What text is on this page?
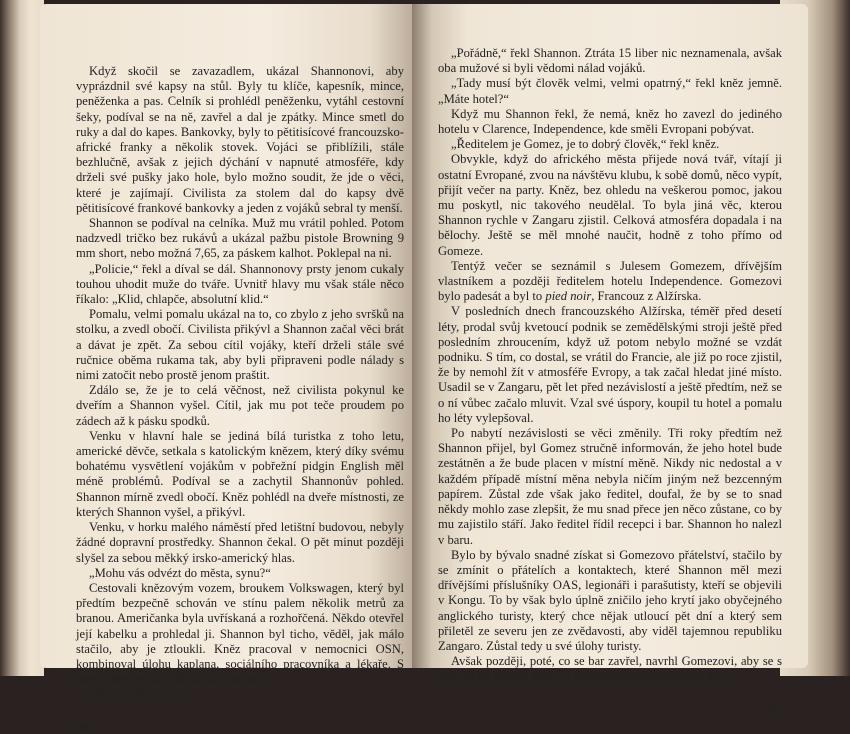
Když skočil se zavazadlem, ukázal Shannonovi, aby vyprázdnil své kapsy na stůl. Byly tu klíče, kapesník, mince, peněženka a pas. Celník si prohlédl peněženku, vytáhl cestovní šeky, podíval se na ně, zavřel a dal je zpátky. Mince smetl do ruky a dal do kapes. Bankovky, byly to pětitisícové francouzsko-africké franky a několik stovek. Vojáci se přiblížili, stále bezhlučně, avšak z jejich dýchání v napnuté atmosféře, kdy drželi své pušky jako hole, bylo možno soudit, že jde o věci, které je zajímají. Civilista za stolem dal do kapsy dvě pětitisícové frankové bankovky a jeden z vojáků sebral ty menší.

Shannon se podíval na celníka. Muž mu vrátil pohled. Potom nadzvedl tričko bez rukávů a ukázal pažbu pistole Browning 9 mm short, nebo možná 7,65, za páskem kalhot. Poklepal na ni.

„Policie,“ řekl a díval se dál. Shannonovy prsty jenom cukaly touhou uhodit muže do tváře. Uvnitř hlavy mu však stále něco říkalo: „Klid, chlapče, absolutní klid.“

Pomalu, velmi pomalu ukázal na to, co zbylo z jeho svršků na stolku, a zvedl obočí. Civilista přikývl a Shannon začal věci brát a dávat je zpět. Za sebou cítil vojáky, kteří drželi stále své ručnice oběma rukama tak, aby byli připraveni podle nálady s nimi zatočit nebo prostě jenom praštit.

Zdálo se, že je to celá věčnost, než civilista pokynul ke dveřím a Shannon vyšel. Cítil, jak mu pot teče proudem po zádech až k pásku spodků.

Venku v hlavní hale se jediná bílá turistka z toho letu, americké děvče, setkala s katolickým knězem, který díky svému bohatému vysvětlení vojákům v pobřežní pidgin English měl méně problémů. Podíval se a zachytil Shannonův pohled. Shannon mírně zvedl obočí. Kněz pohlédl na dveře místnosti, ze kterých Shannon vyšel, a přikývl.

Venku, v horku malého náměstí před letištní budovou, nebyly žádné dopravní prostředky. Shannon čekal. O pět minut později slyšel za sebou měkký irsko-americký hlas.

„Mohu vás odvézt do města, synu?“

Cestovali knězovým vozem, broukem Volkswagen, který byl předtím bezpečně schován ve stínu palem několik metrů za branou. Američanka byla uvřískaná a rozhořčená. Někdo otevřel její kabelku a prohledal ji. Shannon byl ticho, věděl, jak málo stačilo, aby je ztloukli. Kněz pracoval v nemocnici OSN, kombinoval úlohu kaplana, sociálního pracovníka a lékaře. S porozuměním se podíval na Shannona.

„Ti vás obrali, co?“

96

„Pořádně,“ řekl Shannon. Ztráta 15 liber nic neznamenala, avšak oba mužové si byli vědomi nálad vojáků.

„Tady musí být člověk velmi, velmi opatrný,“ řekl kněz jemně. „Máte hotel?“

Když mu Shannon řekl, že nemá, kněz ho zavezl do jediného hotelu v Clarence, Independence, kde směli Evropani pobývat.

„Ředitelem je Gomez, je to dobrý člověk,“ řekl kněz.

Obvykle, když do afrického města přijede nová tvář, vítají ji ostatní Evropané, zvou na návštěvu klubu, k sobě domů, něco vypít, přijít večer na party. Kněz, bez ohledu na veškerou pomoc, jakou mu poskytl, nic takového neudělal. To byla jiná věc, kterou Shannon rychle v Zangaru zjistil. Celková atmosféra dopadala i na bělochy. Ještě se měl mnohé naučit, hodně z toho přímo od Gomeze.

Tentýž večer se seznámil s Julesem Gomezem, dřívějším vlastníkem a později ředitelem hotelu Independence. Gomezovi bylo padesát a byl to pied noir, Francouz z Alžírska.

V posledních dnech francouzského Alžírska, téměř před desetí léty, prodal svůj kvetoucí podnik se zemědělskými stroji ještě před posledním zhroucením, když už potom nebylo možné se vzdát podniku. S tím, co dostal, se vrátil do Francie, ale již po roce zjistil, že by nemohl žít v atmosféře Evropy, a tak začal hledat jiné místo. Usadil se v Zangaru, pět let před nezávislostí a ještě předtím, než se o ní vůbec začalo mluvit. Vzal své úspory, koupil tu hotel a pomalu ho léty vylepšoval.

Po nabytí nezávislosti se věci změnily. Tři roky předtím než Shannon přijel, byl Gomez stručně informován, že jeho hotel bude zestátněn a že bude placen v místní měně. Nikdy nic nedostal a v každém případě místní měna nebyla ničím jiným než bezcenným papírem. Zůstal zde však jako ředitel, doufal, že by se to snad někdy mohlo zase zlepšit, že mu snad přece jen něco zůstane, co by mu zajistilo stáří. Jako ředitel řídil recepci i bar. Shannon ho nalezl v baru.

Bylo by bývalo snadné získat si Gomezovo přátelství, stačilo by se zmínit o přátelích a kontaktech, které Shannon měl mezi dřívějšími příslušníky OAS, legionáři i parašutisty, kteří se objevili v Kongu. To by však bylo úplně zničilo jeho krytí jako obyčejného anglického turisty, který chce nějak utloucí pět dní a který sem přiletěl ze severu jen ze zvědavosti, aby viděl tajemnou republiku Zangaro. Zůstal tedy u své úlohy turisty.

Avšak později, poté, co se bar zavřel, navrhl Gomezovi, aby se s ním šel do pokoje napít. Z nevysvětlitelného důvodu mu

97
